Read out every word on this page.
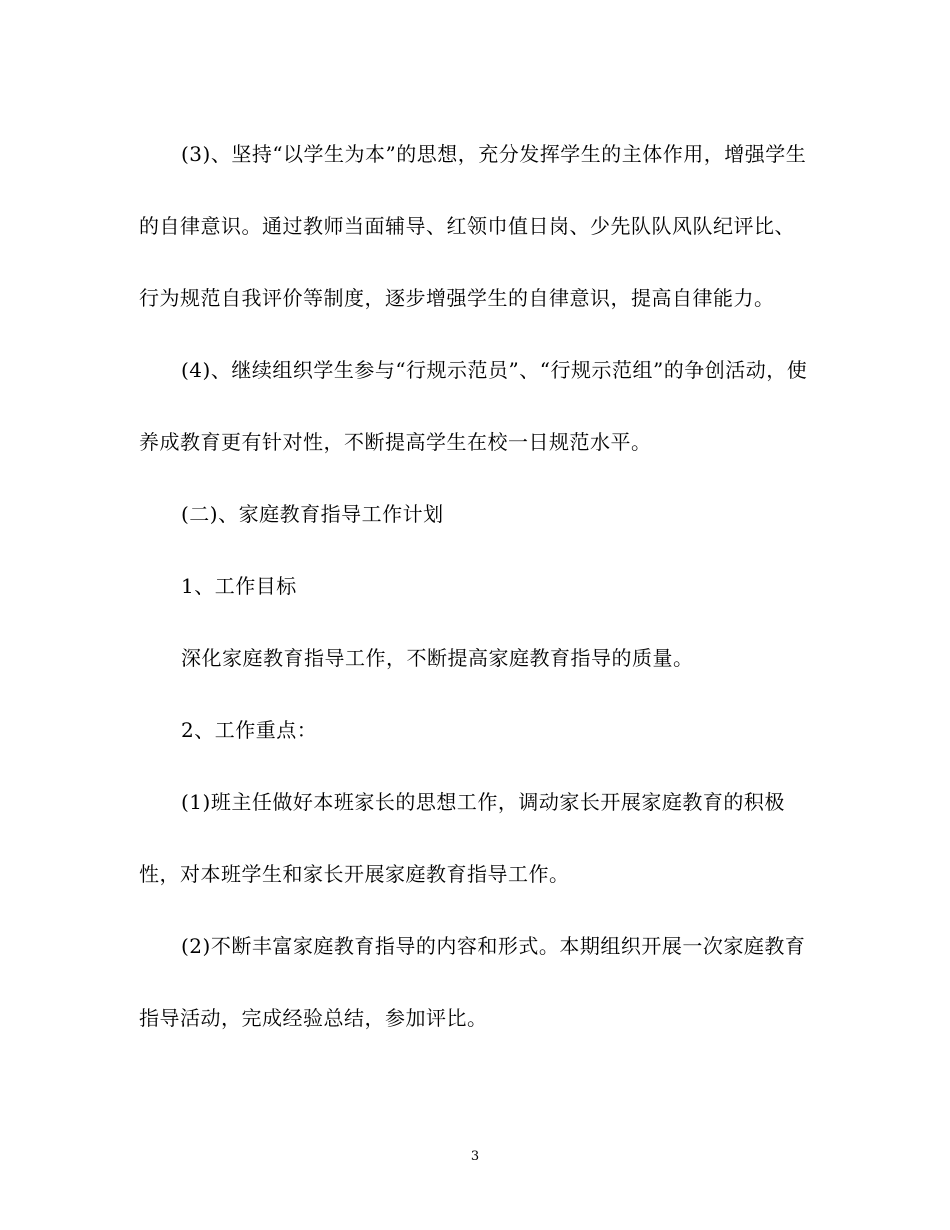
(3)、坚持“以学生为本”的思想，充分发挥学生的主体作用，增强学生的自律意识。通过教师当面辅导、红领巾值日岗、少先队队风队纪评比、行为规范自我评价等制度，逐步增强学生的自律意识，提高自律能力。

(4)、继续组织学生参与“行规示范员”、“行规示范组”的争创活动，使养成教育更有针对性，不断提高学生在校一日规范水平。

(二)、家庭教育指导工作计划

1、工作目标

深化家庭教育指导工作，不断提高家庭教育指导的质量。

2、工作重点：

(1)班主任做好本班家长的思想工作，调动家长开展家庭教育的积极性，对本班学生和家长开展家庭教育指导工作。

(2)不断丰富家庭教育指导的内容和形式。本期组织开展一次家庭教育指导活动，完成经验总结，参加评比。

3
